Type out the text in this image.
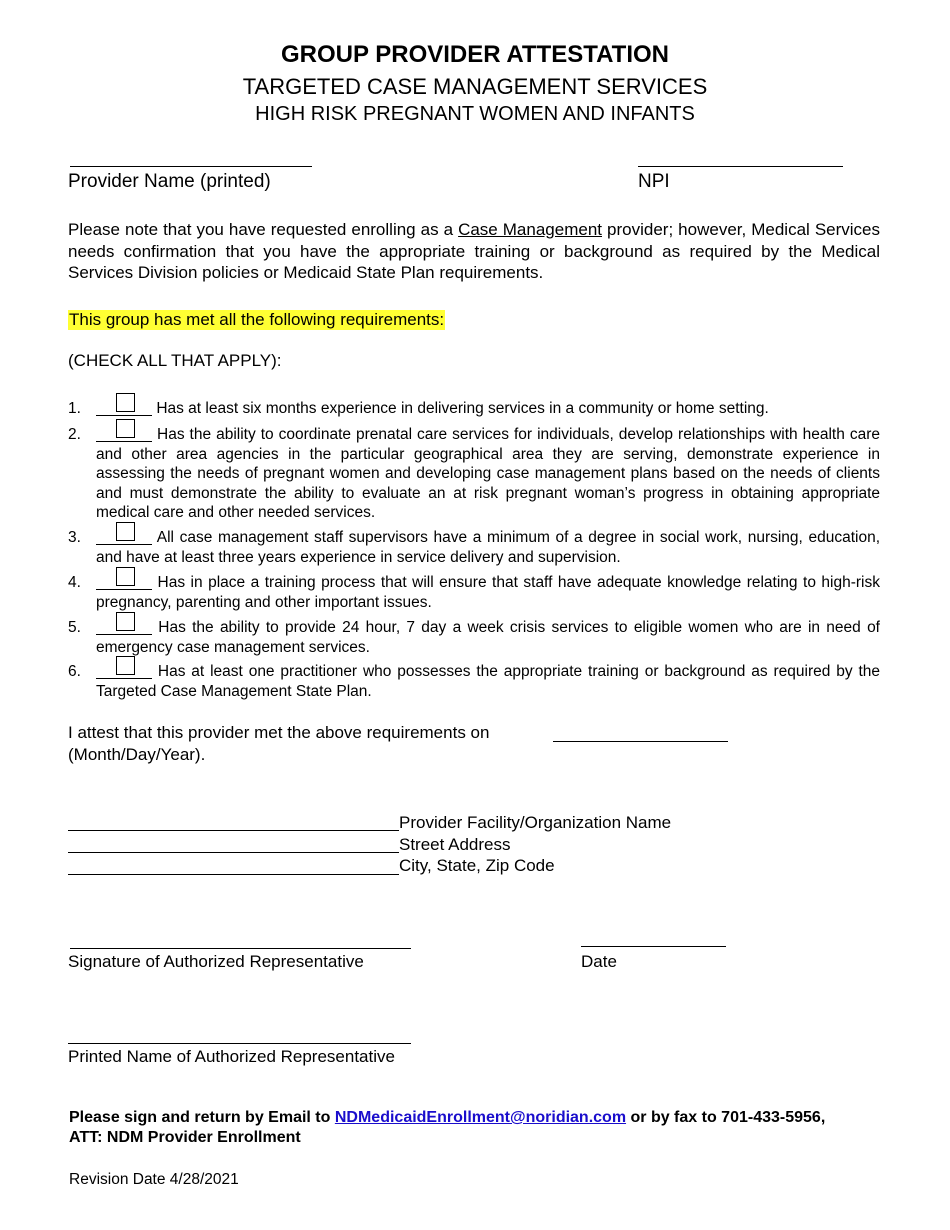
GROUP PROVIDER ATTESTATION
TARGETED CASE MANAGEMENT SERVICES
HIGH RISK PREGNANT WOMEN AND INFANTS
Provider Name (printed)	NPI
Please note that you have requested enrolling as a Case Management provider; however, Medical Services needs confirmation that you have the appropriate training or background as required by the Medical Services Division policies or Medicaid State Plan requirements.
This group has met all the following requirements:
(CHECK ALL THAT APPLY):
1.	Has at least six months experience in delivering services in a community or home setting.
2.	Has the ability to coordinate prenatal care services for individuals, develop relationships with health care and other area agencies in the particular geographical area they are serving, demonstrate experience in assessing the needs of pregnant women and developing case management plans based on the needs of clients and must demonstrate the ability to evaluate an at risk pregnant woman’s progress in obtaining appropriate medical care and other needed services.
3.	All case management staff supervisors have a minimum of a degree in social work, nursing, education, and have at least three years experience in service delivery and supervision.
4.	Has in place a training process that will ensure that staff have adequate knowledge relating to high-risk pregnancy, parenting and other important issues.
5.	Has the ability to provide 24 hour, 7 day a week crisis services to eligible women who are in need of emergency case management services.
6.	Has at least one practitioner who possesses the appropriate training or background as required by the Targeted Case Management State Plan.
I attest that this provider met the above requirements on
(Month/Day/Year).
Provider Facility/Organization Name
Street Address
City, State, Zip Code
Signature of Authorized Representative	Date
Printed Name of Authorized Representative
Please sign and return by Email to NDMedicaidEnrollment@noridian.com or by fax to 701-433-5956,
ATT: NDM Provider Enrollment
Revision Date 4/28/2021
